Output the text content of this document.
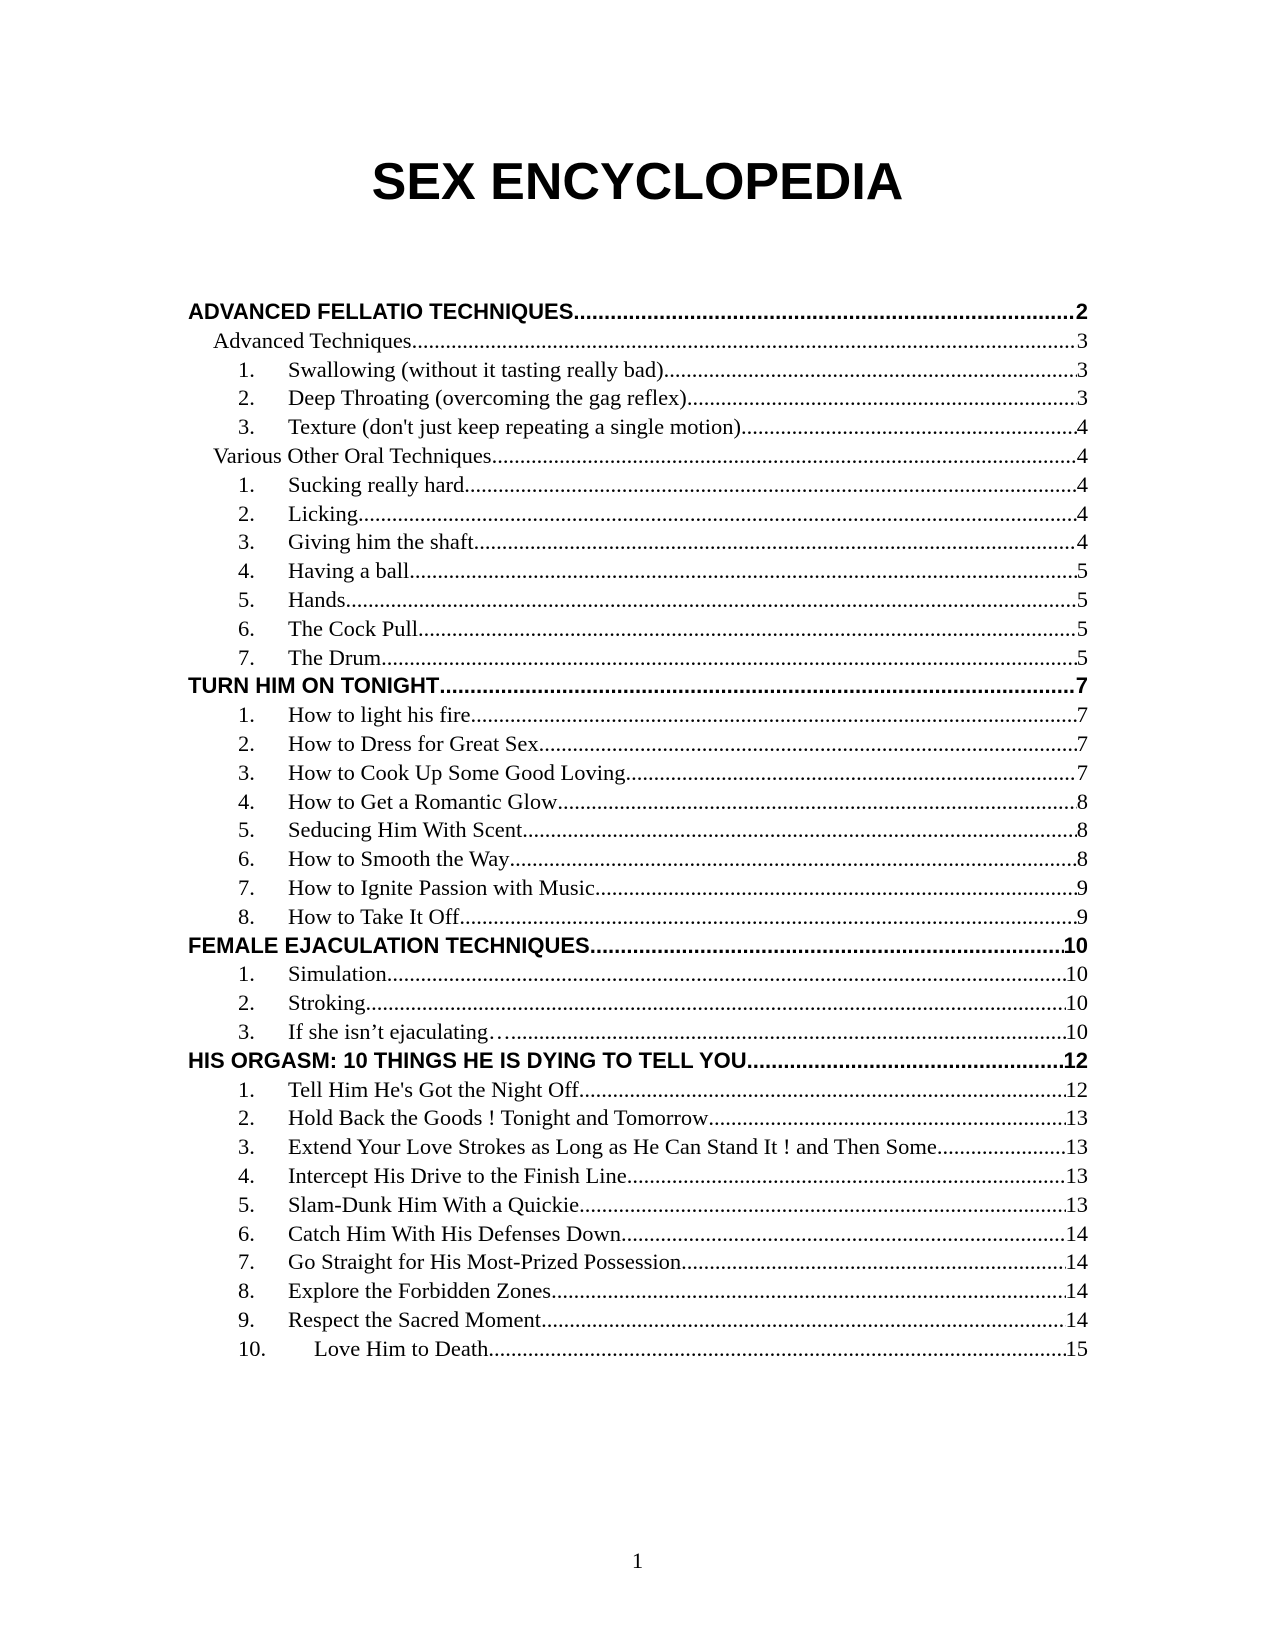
SEX ENCYCLOPEDIA
ADVANCED FELLATIO TECHNIQUES .....	2
Advanced Techniques .....	3
1.	Swallowing (without it tasting really bad) .....	3
2.	Deep Throating (overcoming the gag reflex) .....	3
3.	Texture (don't just keep repeating a single motion) .....	4
Various Other Oral Techniques .....	4
1.	Sucking really hard .....	4
2.	Licking .....	4
3.	Giving him the shaft .....	4
4.	Having a ball .....	5
5.	Hands .....	5
6.	The Cock Pull .....	5
7.	The Drum .....	5
TURN HIM ON TONIGHT .....	7
1.	How to light his fire .....	7
2.	How to Dress for Great Sex .....	7
3.	How to Cook Up Some Good Loving .....	7
4.	How to Get a Romantic Glow .....	8
5.	Seducing Him With Scent .....	8
6.	How to Smooth the Way .....	8
7.	How to Ignite Passion with Music .....	9
8.	How to Take It Off .....	9
FEMALE EJACULATION TECHNIQUES .....	10
1.	Simulation .....	10
2.	Stroking .....	10
3.	If she isn’t ejaculating… .....	10
HIS ORGASM: 10 THINGS HE IS DYING TO TELL YOU .....	12
1.	Tell Him He's Got the Night Off .....	12
2.	Hold Back the Goods ! Tonight and Tomorrow .....	13
3.	Extend Your Love Strokes as Long as He Can Stand It ! and Then Some .....	13
4.	Intercept His Drive to the Finish Line .....	13
5.	Slam-Dunk Him With a Quickie .....	13
6.	Catch Him With His Defenses Down .....	14
7.	Go Straight for His Most-Prized Possession .....	14
8.	Explore the Forbidden Zones .....	14
9.	Respect the Sacred Moment .....	14
10.	Love Him to Death .....	15
1
